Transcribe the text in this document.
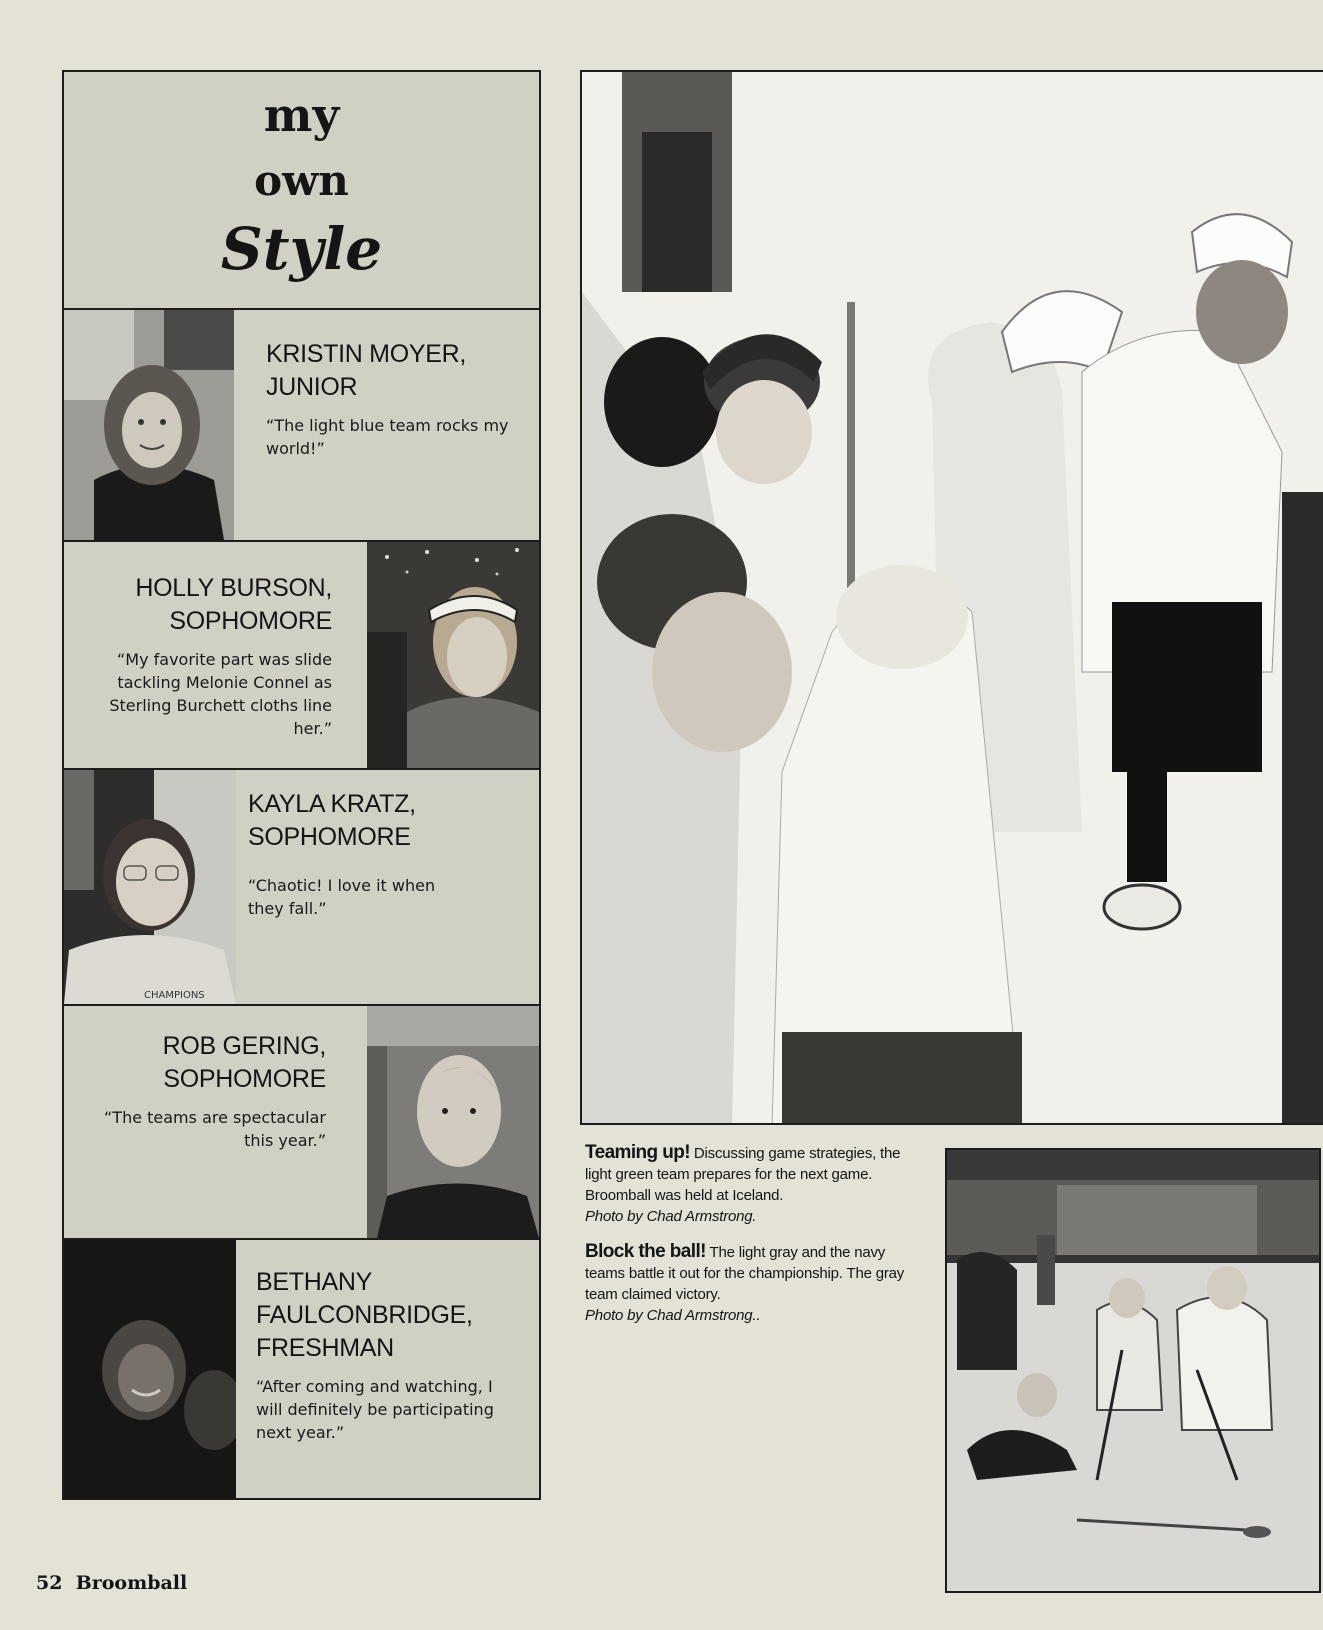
my
own
Style
KRISTIN MOYER,
JUNIOR
“The light blue team rocks my world!”
HOLLY BURSON,
SOPHOMORE
“My favorite part was slide tackling Melonie Connel as Sterling Burchett cloths line her.”
CHAMPIONS
KAYLA KRATZ,
SOPHOMORE
“Chaotic! I love it when they fall.”
ROB GERING,
SOPHOMORE
“The teams are spectacular this year.”
BETHANY
FAULCONBRIDGE,
FRESHMAN
“After coming and watching, I will definitely be participating next year.”
Teaming up! Discussing game strategies, the light green team prepares for the next game. Broomball was held at Iceland.
Photo by Chad Armstrong.
Block the ball! The light gray and the navy teams battle it out for the championship. The gray team claimed victory.
Photo by Chad Armstrong..
52 Broomball
